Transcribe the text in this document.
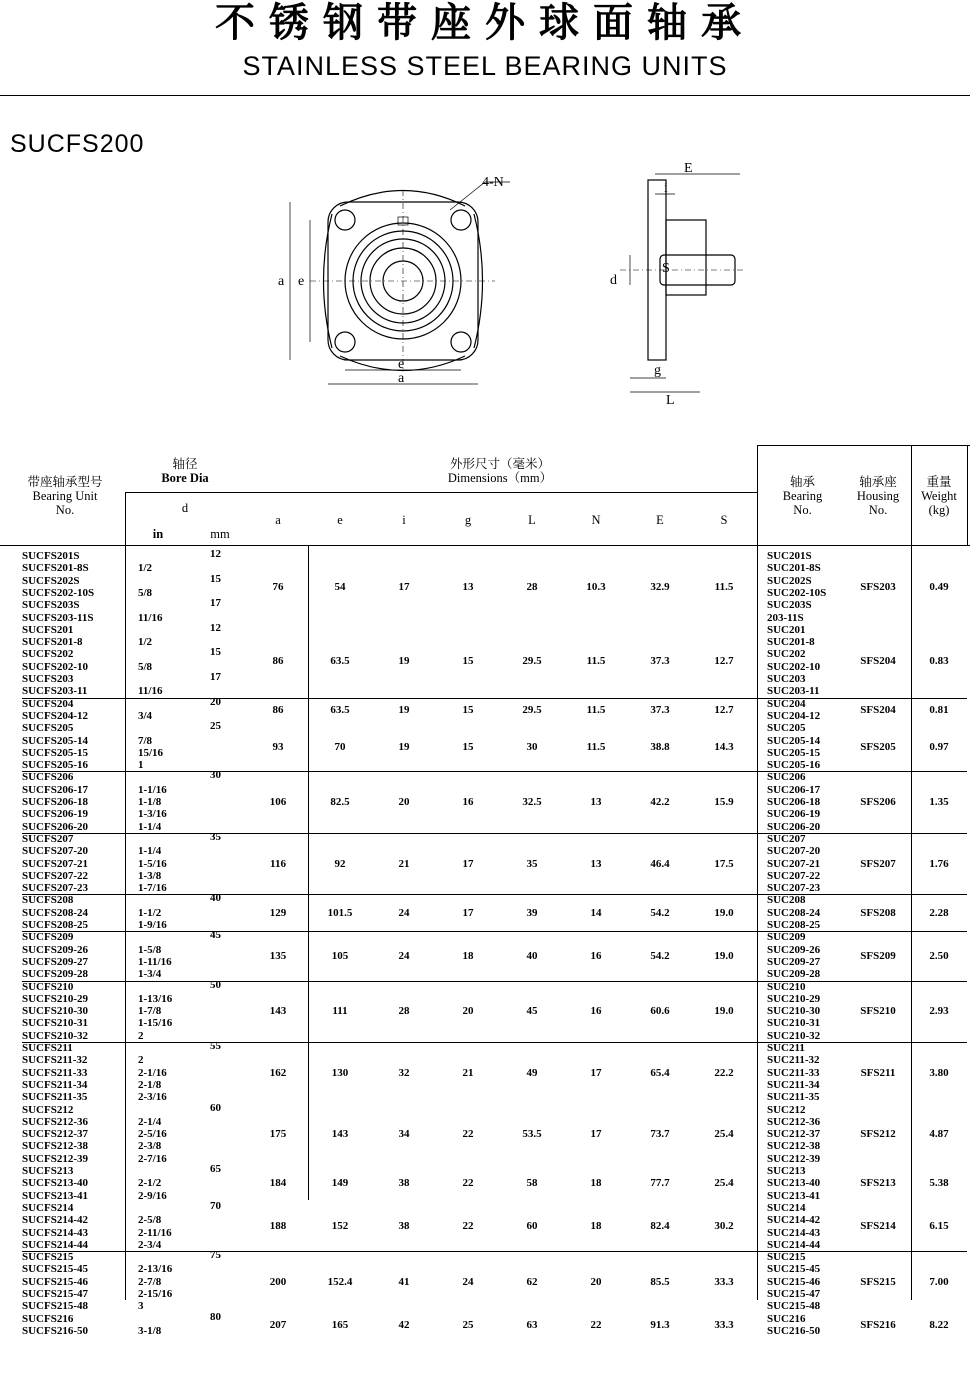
不锈钢带座外球面轴承
STAINLESS STEEL BEARING UNITS
SUCFS200
4-N
a e
e
a
E
i
S
d
g
L
带座轴承型号
Bearing Unit
No.
轴径
Bore Dia
d
in	mm
外形尺寸（毫米）
Dimensions（mm）	轴承
Bearing
No.
轴承座
Housing
No.
重量
Weight
(kg)
a	e	i	g	L	N	E	S
SUCFS201S	12	SUC201S
SUCFS201-8S	1/2	SUC201-8S
SUCFS202S	15	SUC202S
SUCFS202-10S	5/8	SUC202-10S
SUCFS203S	17	SUC203S
SUCFS203-11S	11/16	203-11S
76	54	17	13	28	10.3	32.9	11.5	SFS203	0.49
SUCFS201	12	SUC201
SUCFS201-8	1/2	SUC201-8
SUCFS202	15	SUC202
SUCFS202-10	5/8	SUC202-10
SUCFS203	17	SUC203
SUCFS203-11	11/16	SUC203-11
86	63.5	19	15	29.5	11.5	37.3	12.7	SFS204	0.83
SUCFS204	20	SUC204
SUCFS204-12	3/4	SUC204-12
86	63.5	19	15	29.5	11.5	37.3	12.7	SFS204	0.81
SUCFS205	25	SUC205
SUCFS205-14	7/8	SUC205-14
SUCFS205-15	15/16	SUC205-15
SUCFS205-16	1	SUC205-16
93	70	19	15	30	11.5	38.8	14.3	SFS205	0.97
SUCFS206	30	SUC206
SUCFS206-17	1-1/16	SUC206-17
SUCFS206-18	1-1/8	SUC206-18
SUCFS206-19	1-3/16	SUC206-19
SUCFS206-20	1-1/4	SUC206-20
106	82.5	20	16	32.5	13	42.2	15.9	SFS206	1.35
SUCFS207	35	SUC207
SUCFS207-20	1-1/4	SUC207-20
SUCFS207-21	1-5/16	SUC207-21
SUCFS207-22	1-3/8	SUC207-22
SUCFS207-23	1-7/16	SUC207-23
116	92	21	17	35	13	46.4	17.5	SFS207	1.76
SUCFS208	40	SUC208
SUCFS208-24	1-1/2	SUC208-24
SUCFS208-25	1-9/16	SUC208-25
129	101.5	24	17	39	14	54.2	19.0	SFS208	2.28
SUCFS209	45	SUC209
SUCFS209-26	1-5/8	SUC209-26
SUCFS209-27	1-11/16	SUC209-27
SUCFS209-28	1-3/4	SUC209-28
135	105	24	18	40	16	54.2	19.0	SFS209	2.50
SUCFS210	50	SUC210
SUCFS210-29	1-13/16	SUC210-29
SUCFS210-30	1-7/8	SUC210-30
SUCFS210-31	1-15/16	SUC210-31
SUCFS210-32	2	SUC210-32
143	111	28	20	45	16	60.6	19.0	SFS210	2.93
SUCFS211	55	SUC211
SUCFS211-32	2	SUC211-32
SUCFS211-33	2-1/16	SUC211-33
SUCFS211-34	2-1/8	SUC211-34
SUCFS211-35	2-3/16	SUC211-35
162	130	32	21	49	17	65.4	22.2	SFS211	3.80
SUCFS212	60	SUC212
SUCFS212-36	2-1/4	SUC212-36
SUCFS212-37	2-5/16	SUC212-37
SUCFS212-38	2-3/8	SUC212-38
SUCFS212-39	2-7/16	SUC212-39
175	143	34	22	53.5	17	73.7	25.4	SFS212	4.87
SUCFS213	65	SUC213
SUCFS213-40	2-1/2	SUC213-40
SUCFS213-41	2-9/16	SUC213-41
184	149	38	22	58	18	77.7	25.4	SFS213	5.38
SUCFS214	70	SUC214
SUCFS214-42	2-5/8	SUC214-42
SUCFS214-43	2-11/16	SUC214-43
SUCFS214-44	2-3/4	SUC214-44
188	152	38	22	60	18	82.4	30.2	SFS214	6.15
SUCFS215	75	SUC215
SUCFS215-45	2-13/16	SUC215-45
SUCFS215-46	2-7/8	SUC215-46
SUCFS215-47	2-15/16	SUC215-47
SUCFS215-48	3	SUC215-48
200	152.4	41	24	62	20	85.5	33.3	SFS215	7.00
SUCFS216	80	SUC216
SUCFS216-50	3-1/8	SUC216-50
207	165	42	25	63	22	91.3	33.3	SFS216	8.22
